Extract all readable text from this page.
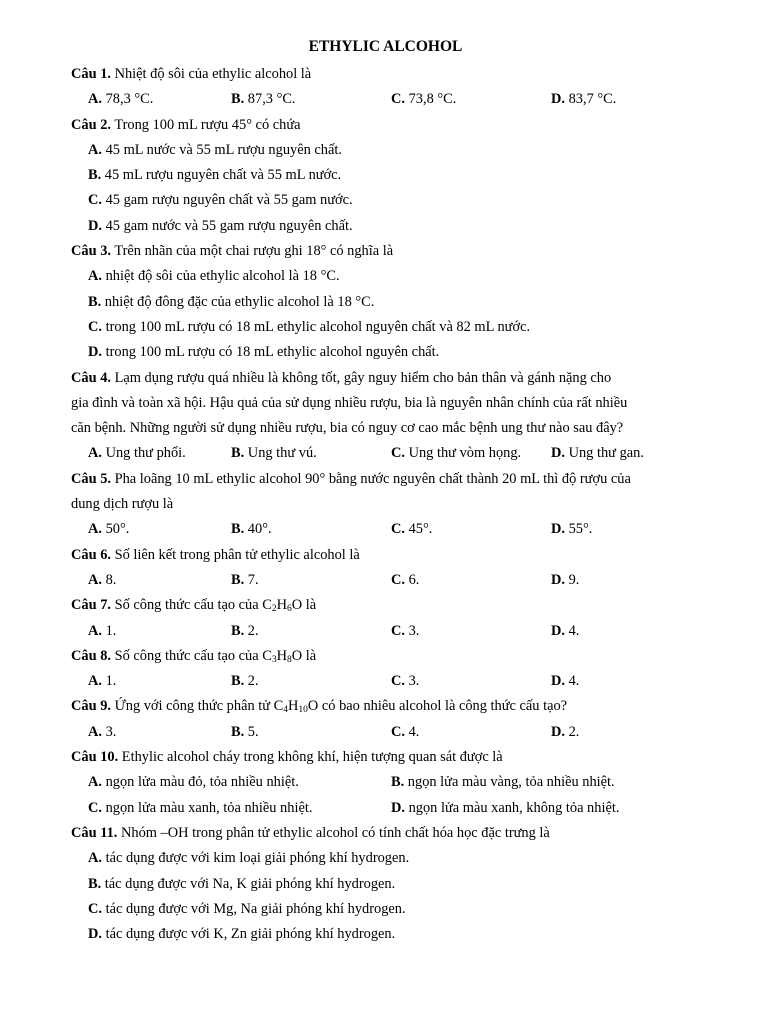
ETHYLIC ALCOHOL
Câu 1. Nhiệt độ sôi của ethylic alcohol là
A. 78,3 °C.	B. 87,3 °C.	C. 73,8 °C.	D. 83,7 °C.
Câu 2. Trong 100 mL rượu 45° có chứa
A. 45 mL nước và 55 mL rượu nguyên chất.
B. 45 mL rượu nguyên chất và 55 mL nước.
C. 45 gam rượu nguyên chất và 55 gam nước.
D. 45 gam nước và 55 gam rượu nguyên chất.
Câu 3. Trên nhãn của một chai rượu ghi 18° có nghĩa là
A. nhiệt độ sôi của ethylic alcohol là 18 °C.
B. nhiệt độ đông đặc của ethylic alcohol là 18 °C.
C. trong 100 mL rượu có 18 mL ethylic alcohol nguyên chất và 82 mL nước.
D. trong 100 mL rượu có 18 mL ethylic alcohol nguyên chất.
Câu 4. Lạm dụng rượu quá nhiều là không tốt, gây nguy hiểm cho bản thân và gánh nặng cho
gia đình và toàn xã hội. Hậu quả của sử dụng nhiều rượu, bia là nguyên nhân chính của rất nhiều
căn bệnh. Những người sử dụng nhiều rượu, bia có nguy cơ cao mắc bệnh ung thư nào sau đây?
A. Ung thư phổi.	B. Ung thư vú.	C. Ung thư vòm họng. D. Ung thư gan.
Câu 5. Pha loãng 10 mL ethylic alcohol 90° bằng nước nguyên chất thành 20 mL thì độ rượu của
dung dịch rượu là
A. 50°.	B. 40°.	C. 45°.	D. 55°.
Câu 6. Số liên kết trong phân tử ethylic alcohol là
A. 8.	B. 7.	C. 6.	D. 9.
Câu 7. Số công thức cấu tạo của $C_2H_6O$ là
A. 1.	B. 2.	C. 3.	D. 4.
Câu 8. Số công thức cấu tạo của $C_3H_8O$ là
A. 1.	B. 2.	C. 3.	D. 4.
Câu 9. Ứng với công thức phân tử $C_4H_{10}O$ có bao nhiêu alcohol là công thức cấu tạo?
A. 3.	B. 5.	C. 4.	D. 2.
Câu 10. Ethylic alcohol cháy trong không khí, hiện tượng quan sát được là
A. ngọn lửa màu đỏ, tỏa nhiều nhiệt.	B. ngọn lửa màu vàng, tỏa nhiều nhiệt.
C. ngọn lửa màu xanh, tỏa nhiều nhiệt.	D. ngọn lửa màu xanh, không tỏa nhiệt.
Câu 11. Nhóm –OH trong phân tử ethylic alcohol có tính chất hóa học đặc trưng là
A. tác dụng được với kim loại giải phóng khí hydrogen.
B. tác dụng được với Na, K giải phóng khí hydrogen.
C. tác dụng được với Mg, Na giải phóng khí hydrogen.
D. tác dụng được với K, Zn giải phóng khí hydrogen.
